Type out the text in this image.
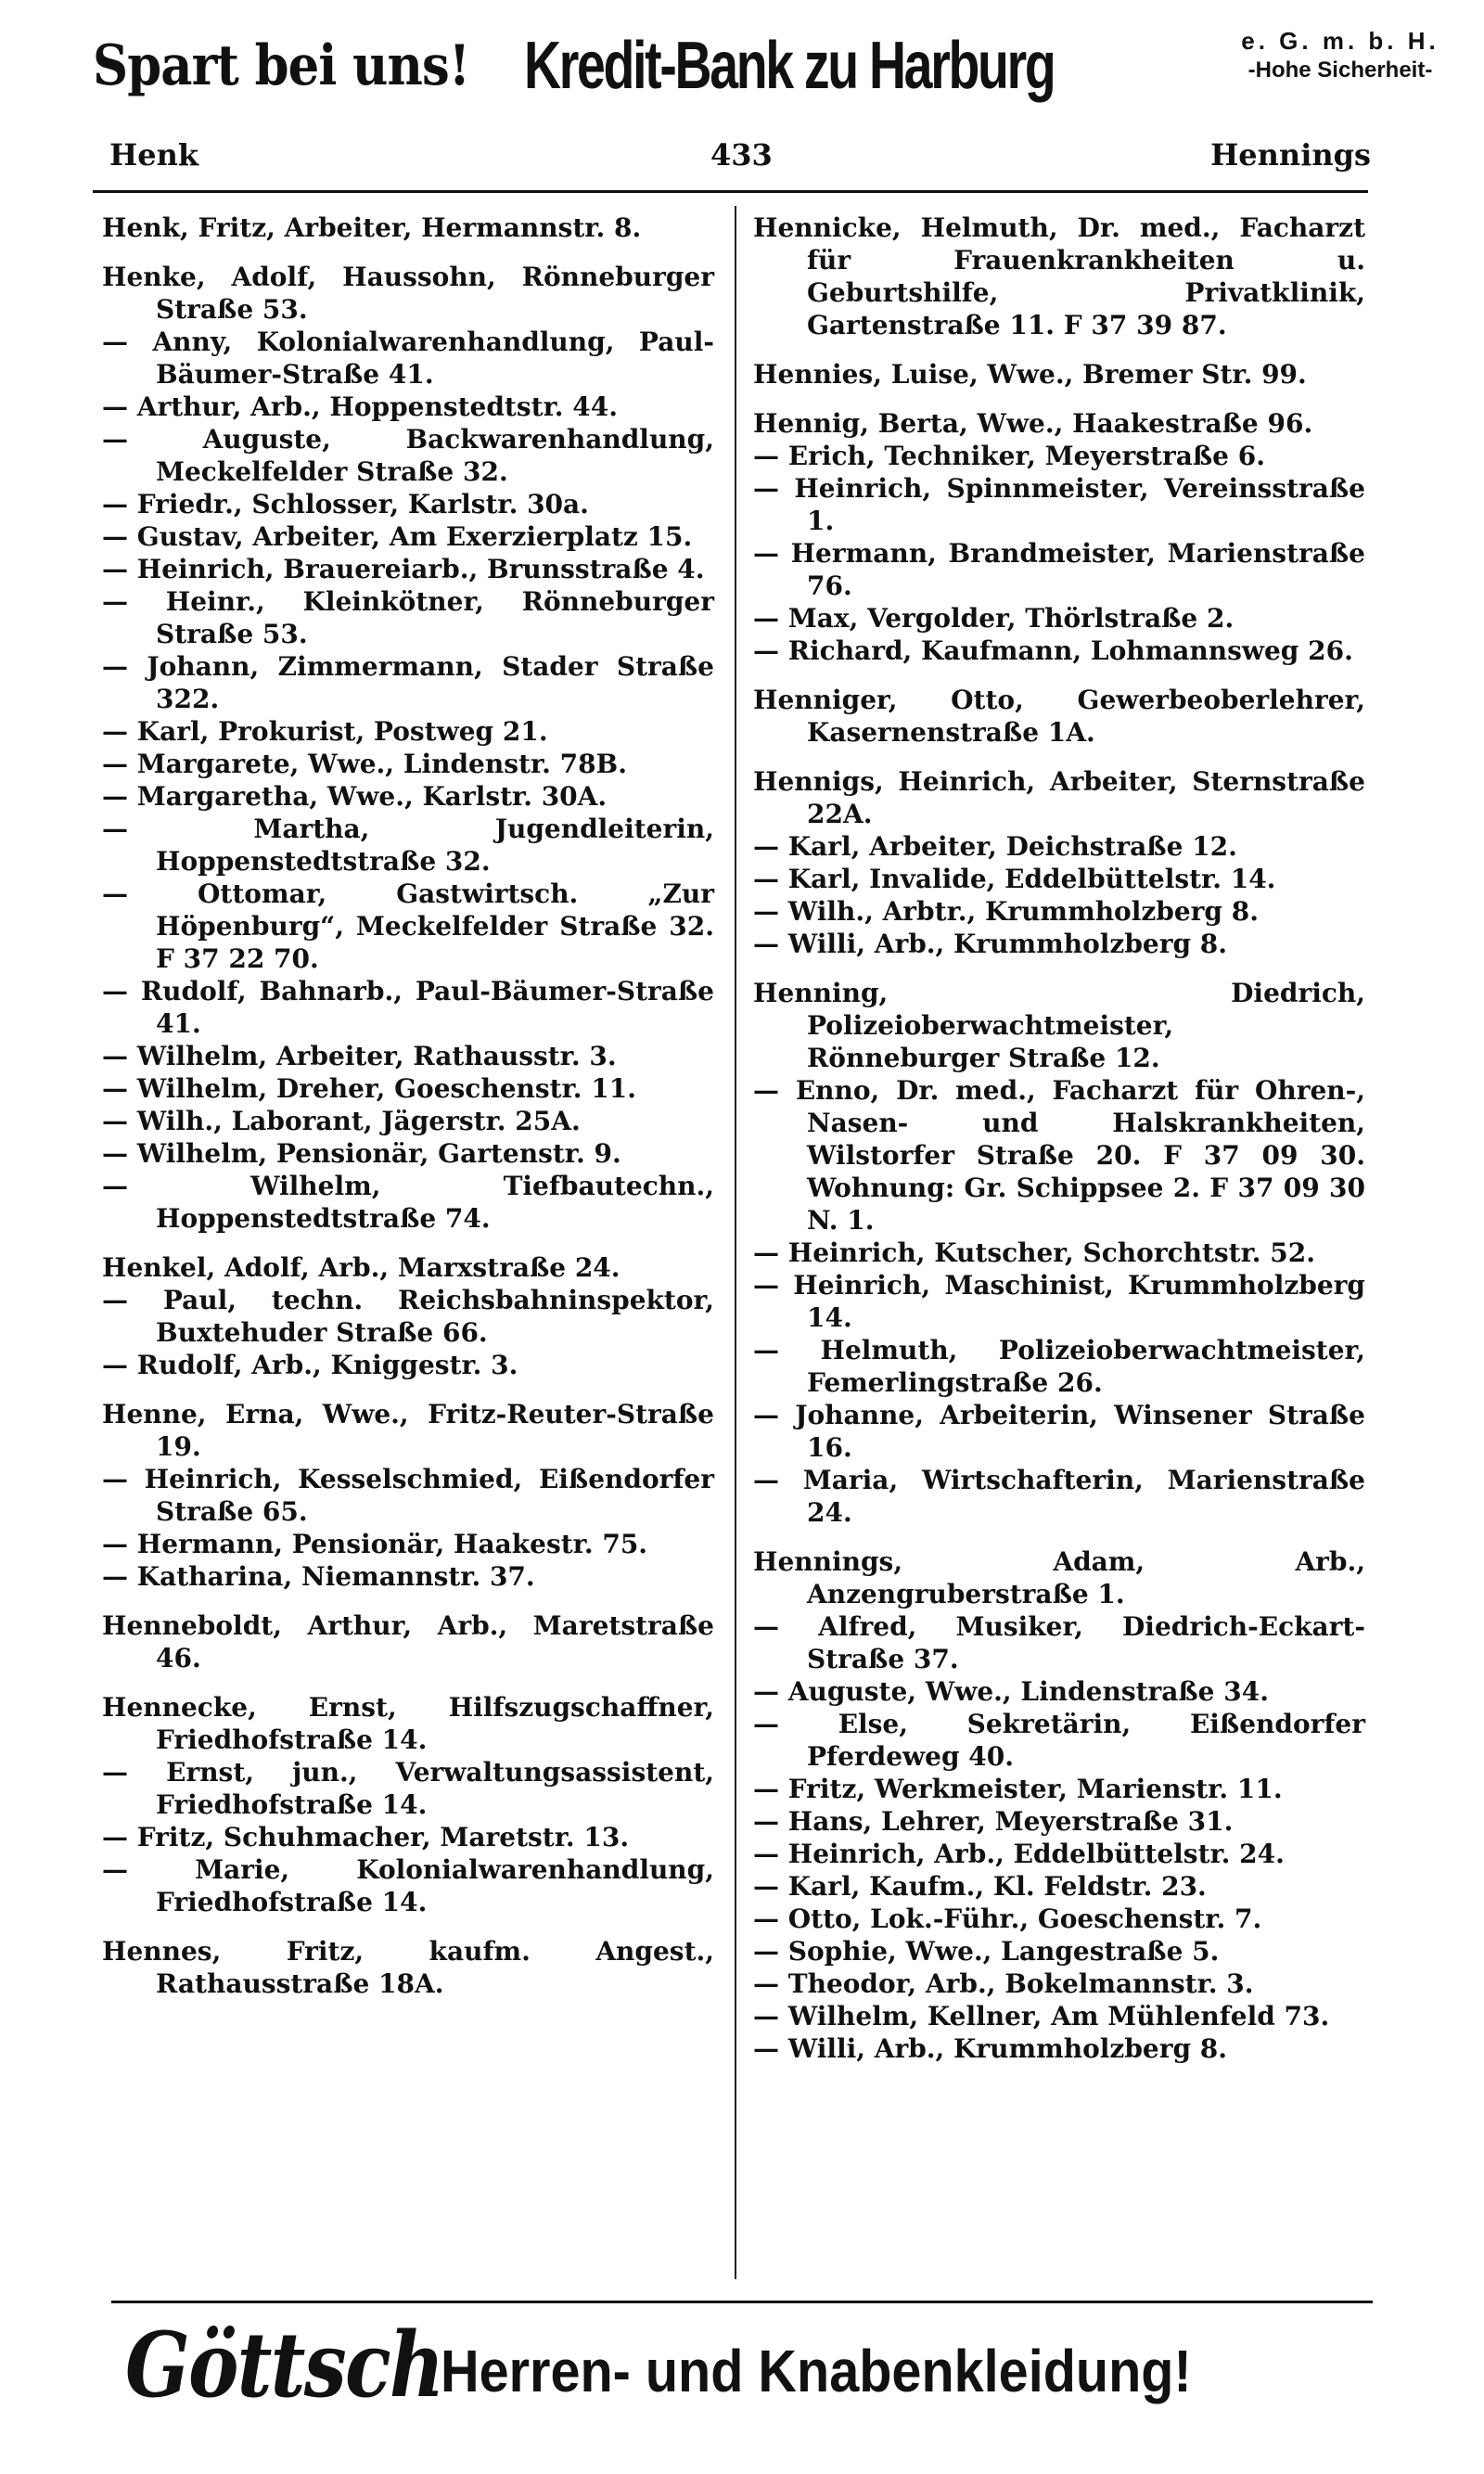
Spart bei uns! Kredit-Bank zu Harburg	e. G. m. b. H.
-Hohe Sicherheit-
Henk	433	Hennings
Henk, Fritz, Arbeiter, Hermannstr. 8.
Henke, Adolf, Haussohn, Rönneburger Straße 53.
— Anny, Kolonialwarenhandlung, Paul-Bäumer-Straße 41.
— Arthur, Arb., Hoppenstedtstr. 44.
— Auguste, Backwarenhandlung, Meckelfelder Straße 32.
— Friedr., Schlosser, Karlstr. 30a.
— Gustav, Arbeiter, Am Exerzierplatz 15.
— Heinrich, Brauereiarb., Brunsstraße 4.
— Heinr., Kleinkötner, Rönneburger Straße 53.
— Johann, Zimmermann, Stader Straße 322.
— Karl, Prokurist, Postweg 21.
— Margarete, Wwe., Lindenstr. 78B.
— Margaretha, Wwe., Karlstr. 30A.
— Martha, Jugendleiterin, Hoppenstedtstraße 32.
— Ottomar, Gastwirtsch. „Zur Höpenburg“, Meckelfelder Straße 32. F 37 22 70.
— Rudolf, Bahnarb., Paul-Bäumer-Straße 41.
— Wilhelm, Arbeiter, Rathausstr. 3.
— Wilhelm, Dreher, Goeschenstr. 11.
— Wilh., Laborant, Jägerstr. 25A.
— Wilhelm, Pensionär, Gartenstr. 9.
— Wilhelm, Tiefbautechn., Hoppenstedtstraße 74.
Henkel, Adolf, Arb., Marxstraße 24.
— Paul, techn. Reichsbahninspektor, Buxtehuder Straße 66.
— Rudolf, Arb., Kniggestr. 3.
Henne, Erna, Wwe., Fritz-Reuter-Straße 19.
— Heinrich, Kesselschmied, Eißendorfer Straße 65.
— Hermann, Pensionär, Haakestr. 75.
— Katharina, Niemannstr. 37.
Henneboldt, Arthur, Arb., Maretstraße 46.
Hennecke, Ernst, Hilfszugschaffner, Friedhofstraße 14.
— Ernst, jun., Verwaltungsassistent, Friedhofstraße 14.
— Fritz, Schuhmacher, Maretstr. 13.
— Marie, Kolonialwarenhandlung, Friedhofstraße 14.
Hennes, Fritz, kaufm. Angest., Rathausstraße 18A.
Hennicke, Helmuth, Dr. med., Facharzt für Frauenkrankheiten u. Geburtshilfe, Privatklinik, Gartenstraße 11. F 37 39 87.
Hennies, Luise, Wwe., Bremer Str. 99.
Hennig, Berta, Wwe., Haakestraße 96.
— Erich, Techniker, Meyerstraße 6.
— Heinrich, Spinnmeister, Vereinsstraße 1.
— Hermann, Brandmeister, Marienstraße 76.
— Max, Vergolder, Thörlstraße 2.
— Richard, Kaufmann, Lohmannsweg 26.
Henniger, Otto, Gewerbeoberlehrer, Kasernenstraße 1A.
Hennigs, Heinrich, Arbeiter, Sternstraße 22A.
— Karl, Arbeiter, Deichstraße 12.
— Karl, Invalide, Eddelbüttelstr. 14.
— Wilh., Arbtr., Krummholzberg 8.
— Willi, Arb., Krummholzberg 8.
Henning, Diedrich, Polizeioberwachtmeister, Rönneburger Straße 12.
— Enno, Dr. med., Facharzt für Ohren-, Nasen- und Halskrankheiten, Wilstorfer Straße 20. F 37 09 30. Wohnung: Gr. Schippsee 2. F 37 09 30 N. 1.
— Heinrich, Kutscher, Schorchtstr. 52.
— Heinrich, Maschinist, Krummholzberg 14.
— Helmuth, Polizeioberwachtmeister, Femerlingstraße 26.
— Johanne, Arbeiterin, Winsener Straße 16.
— Maria, Wirtschafterin, Marienstraße 24.
Hennings, Adam, Arb., Anzengruberstraße 1.
— Alfred, Musiker, Diedrich-Eckart-Straße 37.
— Auguste, Wwe., Lindenstraße 34.
— Else, Sekretärin, Eißendorfer Pferdeweg 40.
— Fritz, Werkmeister, Marienstr. 11.
— Hans, Lehrer, Meyerstraße 31.
— Heinrich, Arb., Eddelbüttelstr. 24.
— Karl, Kaufm., Kl. Feldstr. 23.
— Otto, Lok.-Führ., Goeschenstr. 7.
— Sophie, Wwe., Langestraße 5.
— Theodor, Arb., Bokelmannstr. 3.
— Wilhelm, Kellner, Am Mühlenfeld 73.
— Willi, Arb., Krummholzberg 8.
Göttsch
Herren- und Knabenkleidung!
